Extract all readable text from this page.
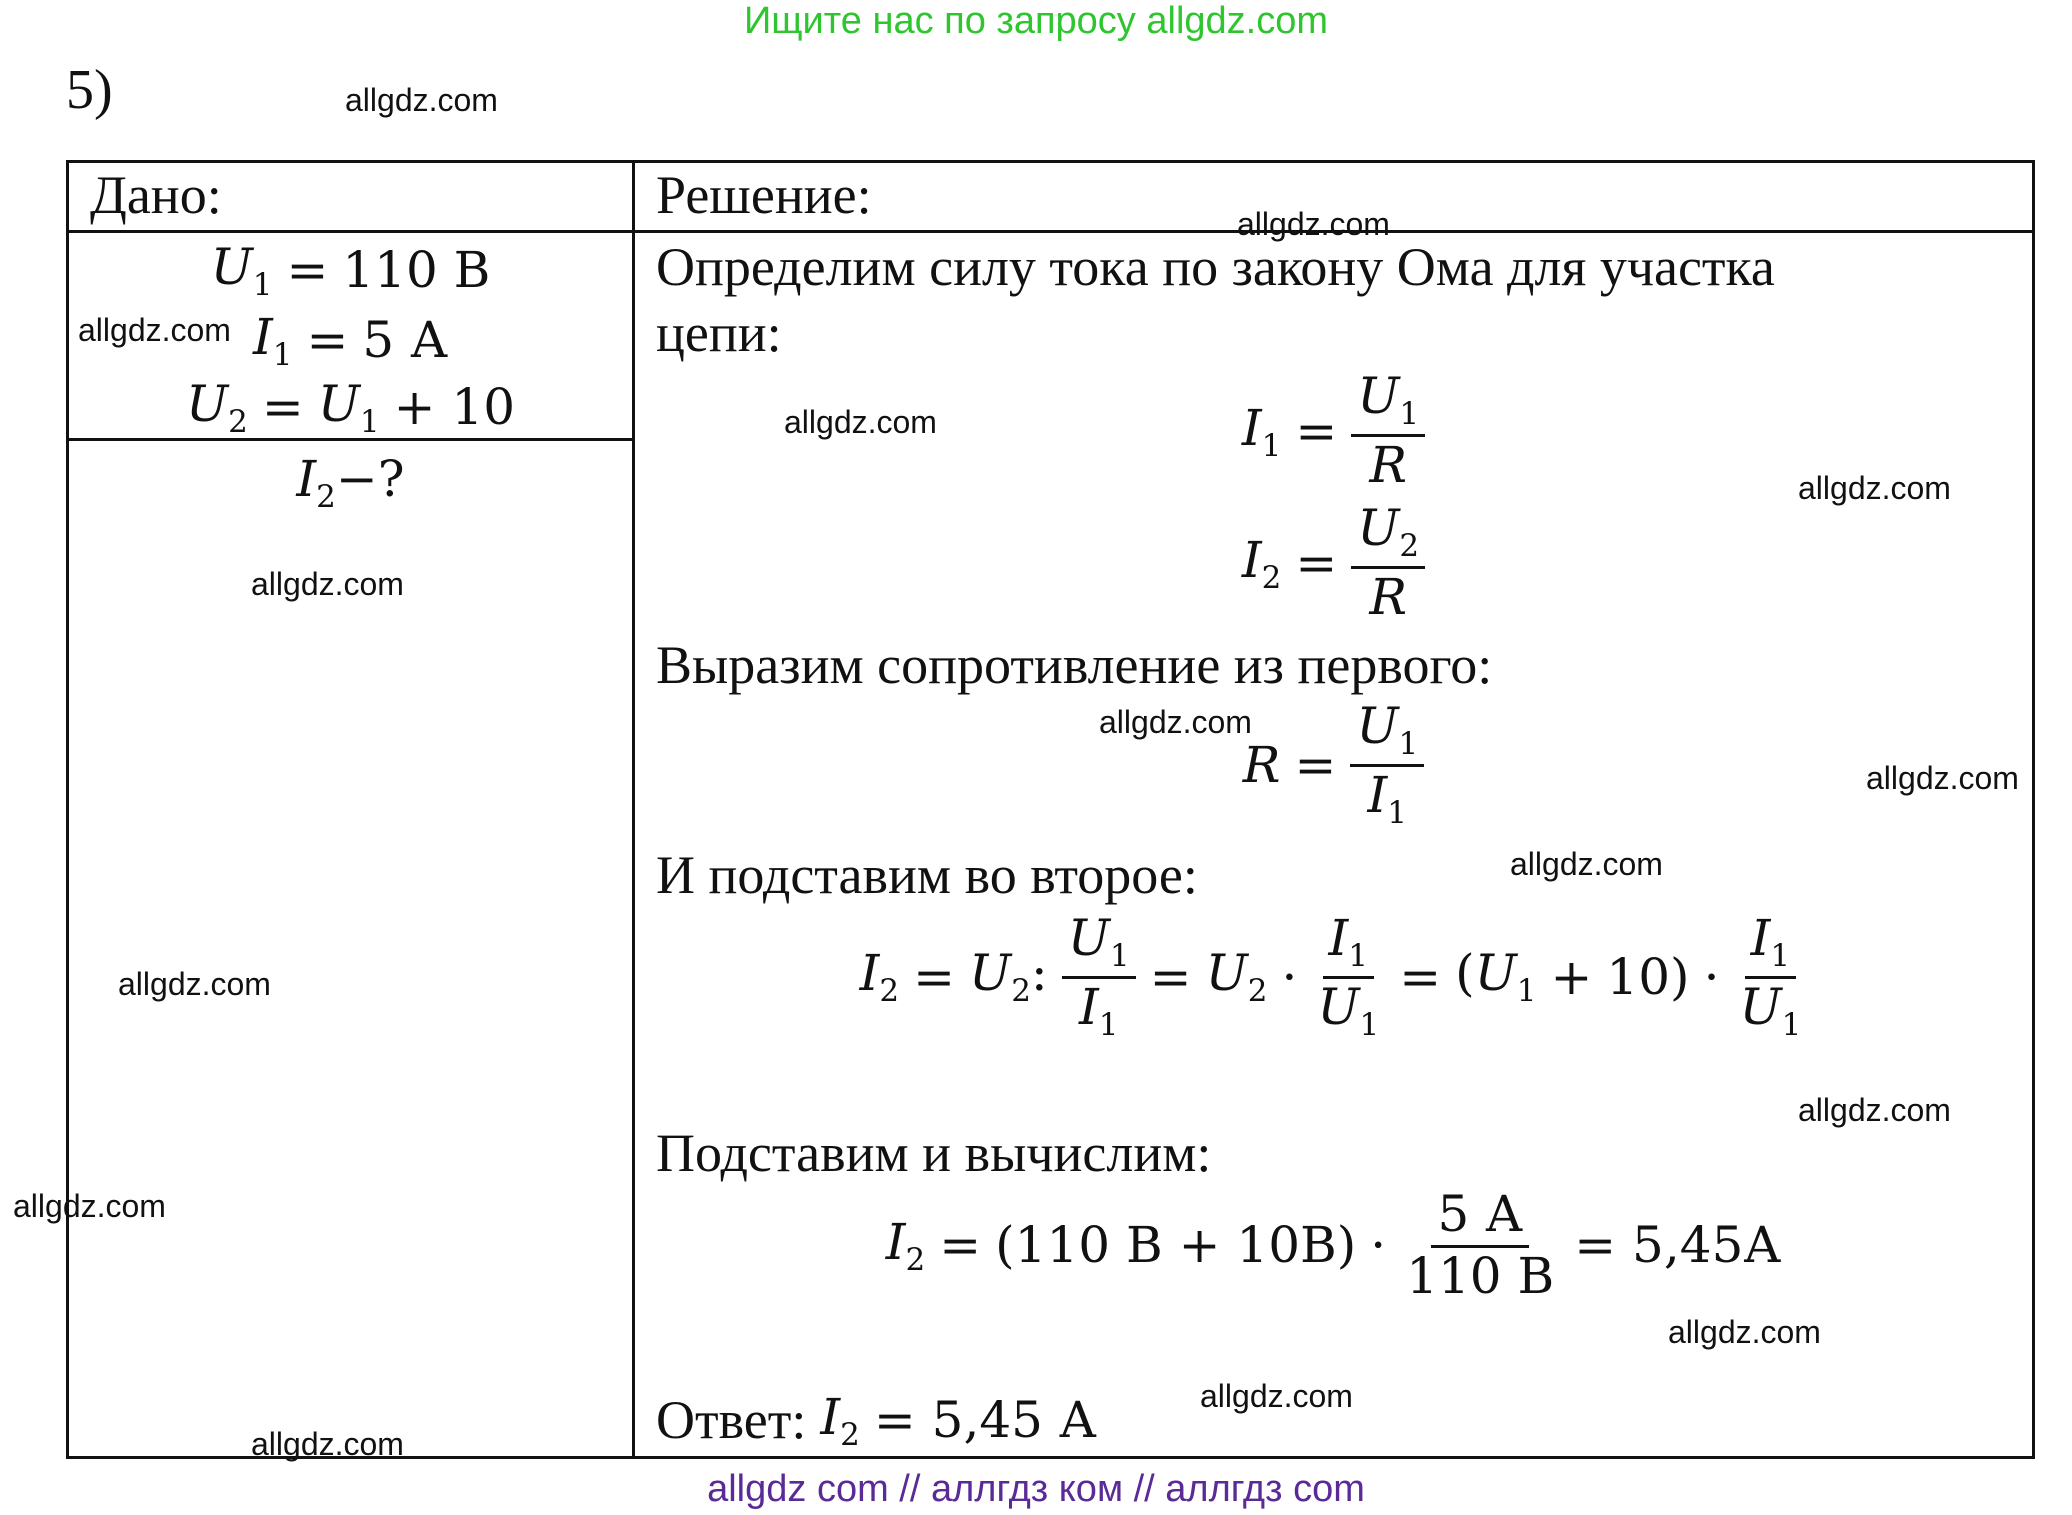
Ищите нас по запросу allgdz.com
5)
Дано:	Решение:
$U_1 = 110$ В
$I_1 = 5$ А
$U_2 = U_1 + 10$
$I_2-$?
Определим силу тока по закону Ома для участка
цепи:
$I_1 = \frac{U_1}{R}$
$I_2 = \frac{U_2}{R}$
Выразим сопротивление из первого:
$R = \frac{U_1}{I_1}$
И подставим во второе:
$I_2 = U_2$: $\frac{U_1}{I_1} = U_2 \cdot \frac{I_1}{U_1} = (U_1 + 10) \cdot \frac{I_1}{U_1}$
Подставим и вычислим:
$I_2 = (110$ $В + 10В) \cdot \frac{5 А}{110 В} = 5,45А$
Ответ: $I_2 = 5,45$ А
allgdz.com
allgdz.com
allgdz.com
allgdz.com
allgdz.com
allgdz.com
allgdz.com
allgdz.com
allgdz.com
allgdz.com
allgdz.com
allgdz.com
allgdz.com
allgdz.com
allgdz.com
allgdz com // аллгдз ком // аллгдз com
